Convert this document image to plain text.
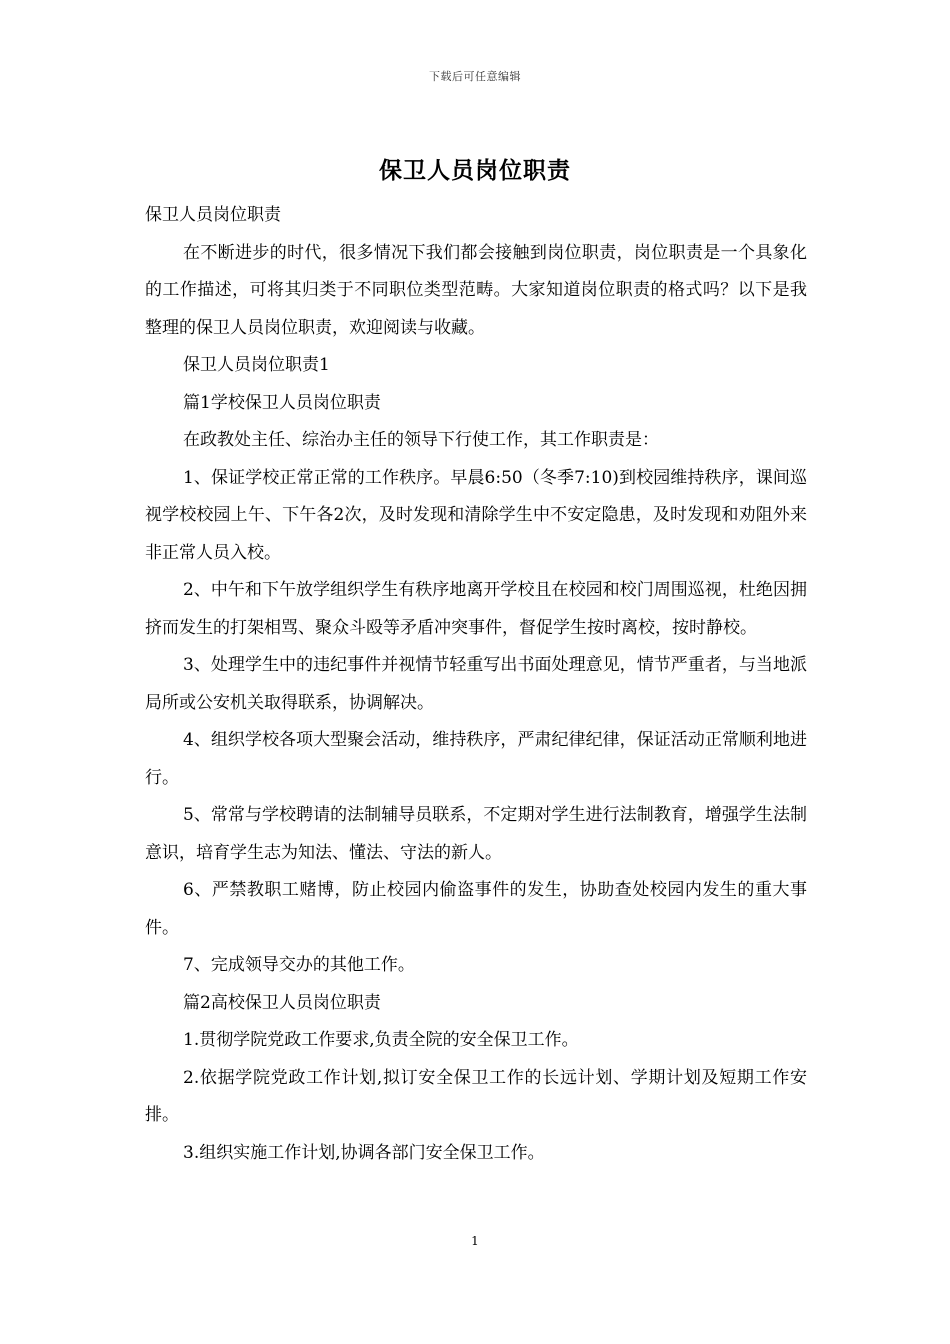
下载后可任意编辑
保卫人员岗位职责

保卫人员岗位职责

在不断进步的时代，很多情况下我们都会接触到岗位职责，岗位职责是一个具象化的工作描述，可将其归类于不同职位类型范畴。大家知道岗位职责的格式吗？以下是我整理的保卫人员岗位职责，欢迎阅读与收藏。

保卫人员岗位职责1

篇1学校保卫人员岗位职责

在政教处主任、综治办主任的领导下行使工作，其工作职责是：

1、保证学校正常正常的工作秩序。早晨6:50（冬季7:10)到校园维持秩序，课间巡视学校校园上午、下午各2次，及时发现和清除学生中不安定隐患，及时发现和劝阻外来非正常人员入校。

2、中午和下午放学组织学生有秩序地离开学校且在校园和校门周围巡视，杜绝因拥挤而发生的打架相骂、聚众斗殴等矛盾冲突事件，督促学生按时离校，按时静校。

3、处理学生中的违纪事件并视情节轻重写出书面处理意见，情节严重者，与当地派局所或公安机关取得联系，协调解决。

4、组织学校各项大型聚会活动，维持秩序，严肃纪律纪律，保证活动正常顺利地进行。

5、常常与学校聘请的法制辅导员联系，不定期对学生进行法制教育，增强学生法制意识，培育学生志为知法、懂法、守法的新人。

6、严禁教职工赌博，防止校园内偷盗事件的发生，协助查处校园内发生的重大事件。

7、完成领导交办的其他工作。

篇2高校保卫人员岗位职责

1.贯彻学院党政工作要求,负责全院的安全保卫工作。

2.依据学院党政工作计划,拟订安全保卫工作的长远计划、学期计划及短期工作安排。

3.组织实施工作计划,协调各部门安全保卫工作。

1
